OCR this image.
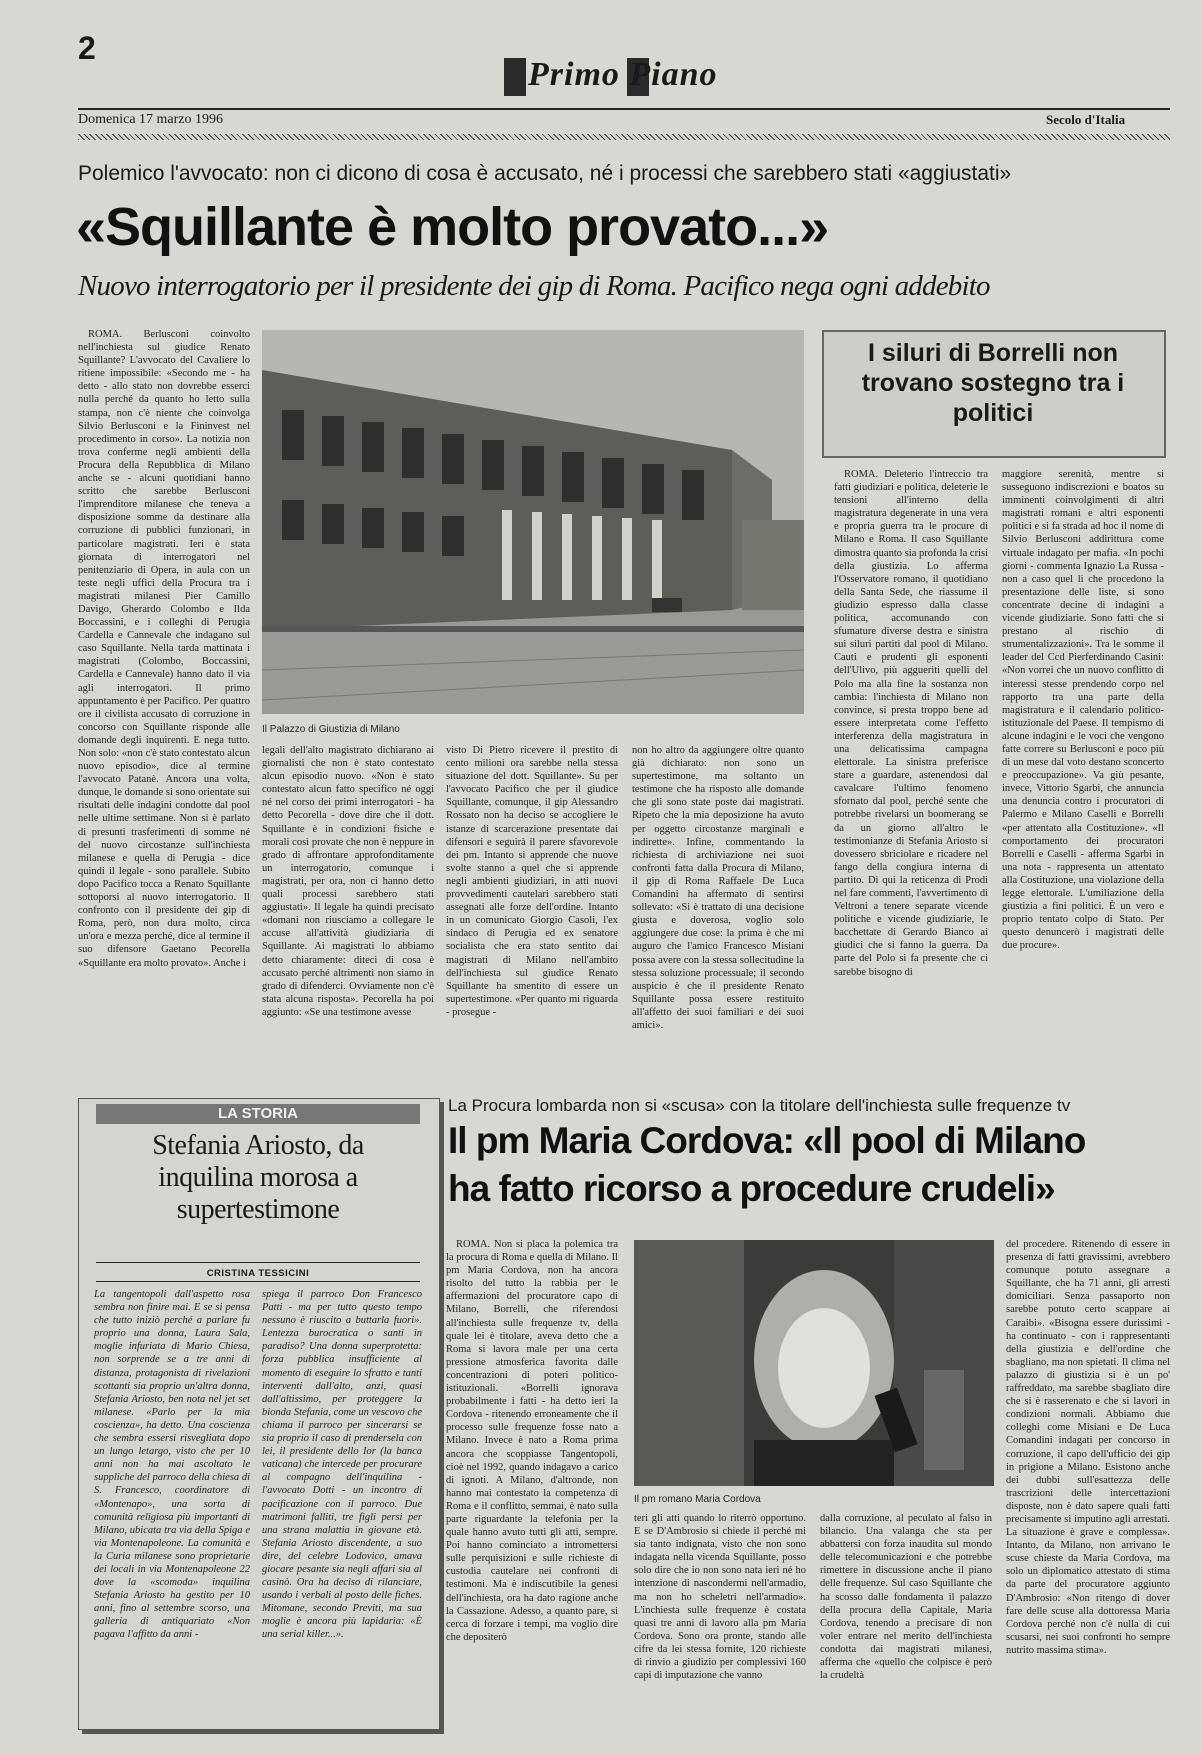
2
Primo Piano
Domenica 17 marzo 1996	Secolo d'Italia
Polemico l'avvocato: non ci dicono di cosa è accusato, né i processi che sarebbero stati «aggiustati»
«Squillante è molto provato...»
Nuovo interrogatorio per il presidente dei gip di Roma. Pacifico nega ogni addebito

ROMA. Berlusconi coinvolto nell'inchiesta sul giudice Renato Squillante? L'avvocato del Cavaliere lo ritiene impossibile: «Secondo me - ha detto - allo stato non dovrebbe esserci nulla perché da quanto ho letto sulla stampa, non c'è niente che coinvolga Silvio Berlusconi e la Fininvest nel procedimento in corso». La notizia non trova conferme negli ambienti della Procura della Repubblica di Milano anche se - alcuni quotidiani hanno scritto che sarebbe Berlusconi l'imprenditore milanese che teneva a disposizione somme da destinare alla corruzione di pubblici funzionari, in particolare magistrati. Ieri è stata giornata di interrogatori nel penitenziario di Opera, in aula con un teste negli uffici della Procura tra i magistrati milanesi Pier Camillo Davigo, Gherardo Colombo e Ilda Boccassini, e i colleghi di Perugia Cardella e Cannevale che indagano sul caso Squillante. Nella tarda mattinata i magistrati (Colombo, Boccassini, Cardella e Cannevale) hanno dato il via agli interrogatori. Il primo appuntamento è per Pacifico. Per quattro ore il civilista accusato di corruzione in concorso con Squillante risponde alle domande degli inquirenti. E nega tutto. Non solo: «non c'è stato contestato alcun nuovo episodio», dice al termine l'avvocato Patanè. Ancora una volta, dunque, le domande si sono orientate sui risultati delle indagini condotte dal pool nelle ultime settimane. Non si è parlato di presunti trasferimenti di somme né del nuovo circostanze sull'inchiesta milanese e quella di Perugia - dice quindi il legale - sono parallele. Subito dopo Pacifico tocca a Renato Squillante sottoporsi al nuovo interrogatorio. Il confronto con il presidente dei gip di Roma, però, non dura molto, circa un'ora e mezza perché, dice al termine il suo difensore Gaetano Pecorella «Squillante era molto provato». Anche i

Il Palazzo di Giustizia di Milano

legali dell'alto magistrato dichiarano ai giornalisti che non è stato contestato alcun episodio nuovo. «Non è stato contestato alcun fatto specifico né oggi né nel corso dei primi interrogatori - ha detto Pecorella - dove dire che il dott. Squillante è in condizioni fisiche e morali così provate che non è neppure in grado di affrontare approfonditamente un interrogatorio, comunque i magistrati, per ora, non ci hanno detto quali processi sarebbero stati aggiustati». Il legale ha quindi precisato «domani non riusciamo a collegare le accuse all'attività giudiziaria di Squillante. Ai magistrati lo abbiamo detto chiaramente: diteci di cosa è accusato perché altrimenti non siamo in grado di difenderci. Ovviamente non c'è stata alcuna risposta». Pecorella ha poi aggiunto: «Se una testimone avesse

visto Di Pietro ricevere il prestito di cento milioni ora sarebbe nella stessa situazione del dott. Squillante». Su per l'avvocato Pacifico che per il giudice Squillante, comunque, il gip Alessandro Rossato non ha deciso se accogliere le istanze di scarcerazione presentate dai difensori e seguirà il parere sfavorevole dei pm. Intanto si apprende che nuove svolte stanno a quel che si apprende negli ambienti giudiziari, in atti nuovi provvedimenti cautelari sarebbero stati assegnati alle forze dell'ordine. Intanto in un comunicato Giorgio Casoli, l'ex sindaco di Perugia ed ex senatore socialista che era stato sentito dai magistrati di Milano nell'ambito dell'inchiesta sul giudice Renato Squillante ha smentito di essere un supertestimone. «Per quanto mi riguarda - prosegue -

non ho altro da aggiungere oltre quanto già dichiarato: non sono un supertestimone, ma soltanto un testimone che ha risposto alle domande che gli sono state poste dai magistrati. Ripeto che la mia deposizione ha avuto per oggetto circostanze marginali e indirette». Infine, commentando la richiesta di archiviazione nei suoi confronti fatta dalla Procura di Milano, il gip di Roma Raffaele De Luca Comandini ha affermato di sentirsi sollevato: «Si è trattato di una decisione giusta e doverosa, voglio solo aggiungere due cose: la prima è che mi auguro che l'amico Francesco Misiani possa avere con la stessa sollecitudine la stessa soluzione processuale; il secondo auspicio è che il presidente Renato Squillante possa essere restituito all'affetto dei suoi familiari e dei suoi amici».

I siluri di Borrelli non trovano sostegno tra i politici

ROMA. Deleterio l'intreccio tra fatti giudiziari e politica, deleterie le tensioni all'interno della magistratura degenerate in una vera e propria guerra tra le procure di Milano e Roma. Il caso Squillante dimostra quanto sia profonda la crisi della giustizia. Lo afferma l'Osservatore romano, il quotidiano della Santa Sede, che riassume il giudizio espresso dalla classe politica, accomunando con sfumature diverse destra e sinistra sui siluri partiti dal pool di Milano. Cauti e prudenti gli esponenti dell'Ulivo, più aggueriti quelli del Polo ma alla fine la sostanza non cambia: l'inchiesta di Milano non convince, si presta troppo bene ad essere interpretata come l'effetto interferenza della magistratura in una delicatissima campagna elettorale. La sinistra preferisce stare a guardare, astenendosi dal cavalcare l'ultimo fenomeno sfornato dal pool, perché sente che potrebbe rivelarsi un boomerang se da un giorno all'altro le testimonianze di Stefania Ariosto si dovessero sbriciolare e ricadere nel fango della congiura interna di partito. Di qui la reticenza di Prodi nel fare commenti, l'avvertimento di Veltroni a tenere separate vicende politiche e vicende giudiziarie, le bacchettate di Gerardo Bianco ai giudici che si fanno la guerra. Da parte del Polo si fa presente che ci sarebbe bisogno di

maggiore serenità, mentre si susseguono indiscrezioni e boatos su imminenti coinvolgimenti di altri magistrati romani e altri esponenti politici e si fa strada ad hoc il nome di Silvio Berlusconi addirittura come virtuale indagato per mafia. «In pochi giorni - commenta Ignazio La Russa - non a caso quel li che procedono la presentazione delle liste, si sono concentrate decine di indagini a vicende giudiziarie. Sono fatti che si prestano al rischio di strumentalizzazioni». Tra le somme il leader del Ccd Pierferdinando Casini: «Non vorrei che un nuovo conflitto di interessi stesse prendendo corpo nel rapporto tra una parte della magistratura e il calendario politico-istituzionale del Paese. Il tempismo di alcune indagini e le voci che vengono fatte correre su Berlusconi e poco più di un mese dal voto destano sconcerto e preoccupazione». Va giù pesante, invece, Vittorio Sgarbi, che annuncia una denuncia contro i procuratori di Palermo e Milano Caselli e Borrelli «per attentato alla Costituzione». «Il comportamento dei procuratori Borrelli e Caselli - afferma Sgarbi in una nota - rappresenta un attentato alla Costituzione, una violazione della legge elettorale. L'umiliazione della giustizia a fini politici. È un vero e proprio tentato colpo di Stato. Per questo denuncerò i magistrati delle due procure».

LA STORIA
Stefania Ariosto, da inquilina morosa a supertestimone
CRISTINA TESSICINI

La tangentopoli dall'aspetto rosa sembra non finire mai. E se si pensa che tutto iniziò perché a parlare fu proprio una donna, Laura Sala, moglie infuriata di Mario Chiesa, non sorprende se a tre anni di distanza, protagonista di rivelazioni scottanti sia proprio un'altra donna, Stefania Ariosto, ben nota nel jet set milanese. «Parlo per la mia coscienza», ha detto. Una coscienza che sembra essersi risvegliata dopo un lungo letargo, visto che per 10 anni non ha mai ascoltato le suppliche del parroco della chiesa di S. Francesco, coordinatore di «Montenapo», una sorta di comunità religiosa più importanti di Milano, ubicata tra via della Spiga e via Montenapoleone. La comunità e la Curia milanese sono proprietarie dei locali in via Montenapoleone 22 dove la «scomoda» inquilina Stefania Ariosto ha gestito per 10 anni, fino al settembre scorso, una galleria di antiquariato «Non pagava l'affitto da anni -

spiega il parroco Don Francesco Patti - ma per tutto questo tempo nessuno è riuscito a buttarla fuori». Lentezza burocratica o santi in paradiso? Una donna superprotetta: forza pubblica insufficiente al momento di eseguire lo sfratto e tanti interventi dall'alto, anzi, quasi dall'altissimo, per proteggere la bionda Stefania, come un vescovo che chiama il parroco per sincerarsi se sia proprio il caso di prendersela con lei, il presidente dello Ior (la banca vaticana) che intercede per procurare al compagno dell'inquilina - l'avvocato Dotti - un incontro di pacificazione con il parroco. Due matrimoni falliti, tre figli persi per una strana malattia in giovane età. Stefania Ariosto discendente, a suo dire, del celebre Lodovico, amava giocare pesante sia negli affari sia al casinò. Ora ha deciso di rilanciare, usando i verbali al posto delle fiches. Mitomane, secondo Previti, ma sua moglie è ancora più lapidaria: «È una serial killer...».

La Procura lombarda non si «scusa» con la titolare dell'inchiesta sulle frequenze tv
Il pm Maria Cordova: «Il pool di Milano
ha fatto ricorso a procedure crudeli»

ROMA. Non si placa la polemica tra la procura di Roma e quella di Milano. Il pm Maria Cordova, non ha ancora risolto del tutto la rabbia per le affermazioni del procuratore capo di Milano, Borrelli, che riferendosi all'inchiesta sulle frequenze tv, della quale lei è titolare, aveva detto che a Roma si lavora male per una certa pressione atmosferica favorita dalle concentrazioni di poteri politico-istituzionali. «Borrelli ignorava probabilmente i fatti - ha detto ieri la Cordova - ritenendo erroneamente che il processo sulle frequenze fosse nato a Milano. Invece è nato a Roma prima ancora che scoppiasse Tangentopoli, cioè nel 1992, quando indagavo a carico di ignoti. A Milano, d'altronde, non hanno mai contestato la competenza di Roma e il conflitto, semmai, è nato sulla parte riguardante la telefonia per la quale hanno avuto tutti gli atti, sempre. Poi hanno cominciato a intromettersi sulle perquisizioni e sulle richieste di custodia cautelare nei confronti di testimoni. Ma è indiscutibile la genesi dell'inchiesta, ora ha dato ragione anche la Cassazione. Adesso, a quanto pare, si cerca di forzare i tempi, ma voglio dire che depositerò

Il pm romano Maria Cordova

teri gli atti quando lo riterrò opportuno. E se D'Ambrosio si chiede il perché mi sia tanto indignata, visto che non sono indagata nella vicenda Squillante, posso solo dire che io non sono nata ieri né ho intenzione di nascondermi nell'armadio, ma non ho scheletri nell'armadio». L'inchiesta sulle frequenze è costata quasi tre anni di lavoro alla pm Maria Cordova. Sono ora pronte, stando alle cifre da lei stessa fornite, 120 richieste di rinvio a giudizio per complessivi 160 capi di imputazione che vanno

dalla corruzione, al peculato al falso in bilancio. Una valanga che sta per abbattersi con forza inaudita sul mondo delle telecomunicazioni e che potrebbe rimettere in discussione anche il piano delle frequenze. Sul caso Squillante che ha scosso dalle fondamenta il palazzo della procura della Capitale, Maria Cordova, tenendo a precisare di non voler entrare nel merito dell'inchiesta condotta dai magistrati milanesi, afferma che «quello che colpisce è però la crudeltà

del procedere. Ritenendo di essere in presenza di fatti gravissimi, avrebbero comunque potuto assegnare a Squillante, che ha 71 anni, gli arresti domiciliari. Senza passaporto non sarebbe potuto certo scappare ai Caraibi». «Bisogna essere durissimi - ha continuato - con i rappresentanti della giustizia e dell'ordine che sbagliano, ma non spietati. Il clima nel palazzo di giustizia si è un po' raffreddato, ma sarebbe sbagliato dire che si è rasserenato e che si lavori in condizioni normali. Abbiamo due colleghi come Misiani e De Luca Comandini indagati per concorso in corruzione, il capo dell'ufficio dei gip in prigione a Milano. Esistono anche dei dubbi sull'esattezza delle trascrizioni delle intercettazioni disposte, non è dato sapere quali fatti precisamente si imputino agli arrestati. La situazione è grave e complessa». Intanto, da Milano, non arrivano le scuse chieste da Maria Cordova, ma solo un diplomatico attestato di stima da parte del procuratore aggiunto D'Ambrosio: «Non ritengo di dover fare delle scuse alla dottoressa Maria Cordova perché non c'è nulla di cui scusarsi, nei suoi confronti ho sempre nutrito massima stima».
